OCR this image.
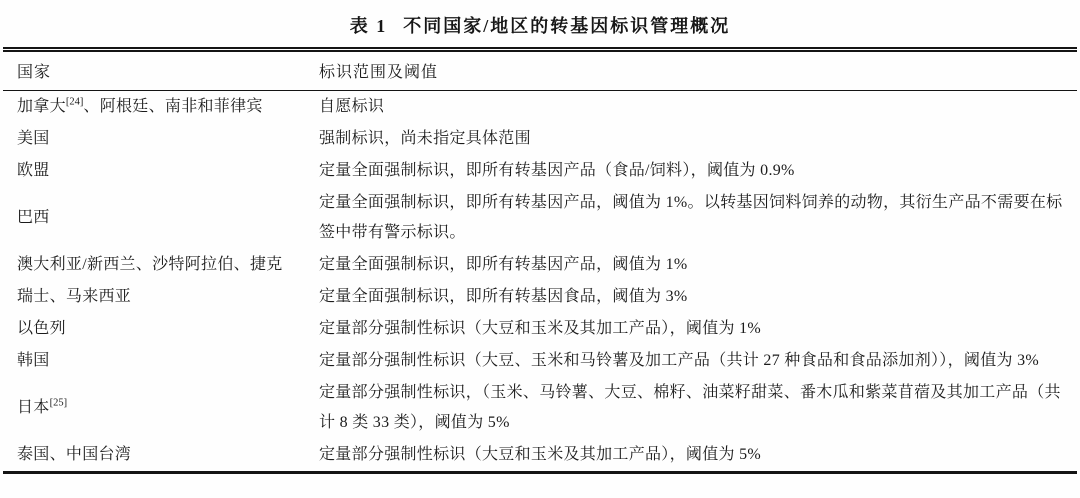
表 1 不同国家/地区的转基因标识管理概况
国家	标识范围及阈值
加拿大[24]、阿根廷、南非和菲律宾	自愿标识
美国	强制标识，尚未指定具体范围
欧盟	定量全面强制标识，即所有转基因产品（食品/饲料），阈值为 0.9%
巴西	定量全面强制标识，即所有转基因产品，阈值为 1%。以转基因饲料饲养的动物，其衍生产品不需要在标签中带有警示标识。
澳大利亚/新西兰、沙特阿拉伯、捷克	定量全面强制标识，即所有转基因产品，阈值为 1%
瑞士、马来西亚	定量全面强制标识，即所有转基因食品，阈值为 3%
以色列	定量部分强制性标识（大豆和玉米及其加工产品），阈值为 1%
韩国	定量部分强制性标识（大豆、玉米和马铃薯及加工产品（共计 27 种食品和食品添加剂）），阈值为 3%
日本[25]	定量部分强制性标识，（玉米、马铃薯、大豆、棉籽、油菜籽甜菜、番木瓜和紫菜苜蓿及其加工产品（共计 8 类 33 类），阈值为 5%
泰国、中国台湾	定量部分强制性标识（大豆和玉米及其加工产品），阈值为 5%
